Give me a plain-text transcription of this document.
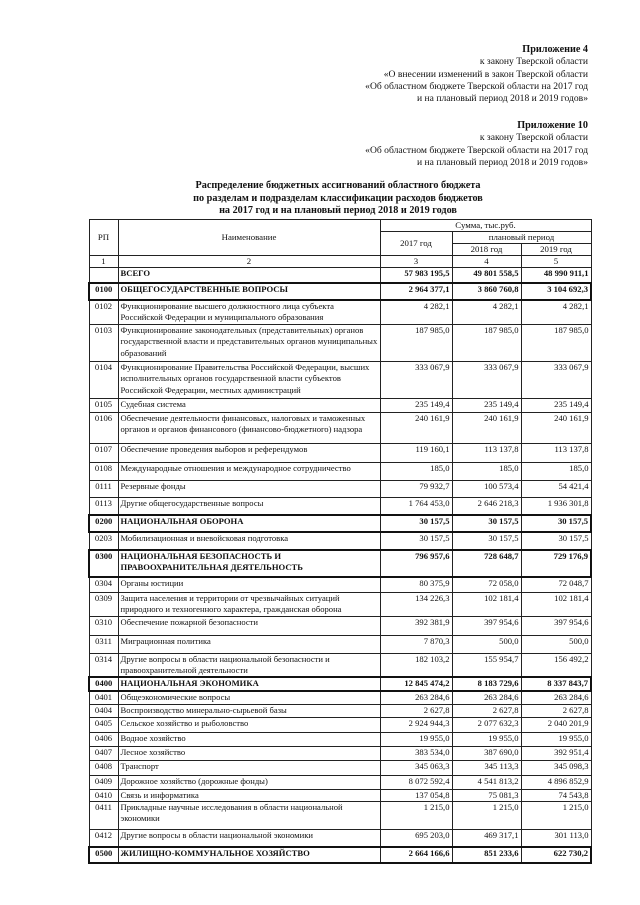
Приложение 4
к закону Тверской области
«О внесении изменений в закон Тверской области
«Об областном бюджете Тверской области на 2017 год
и на плановый период 2018 и 2019 годов»
Приложение 10
к закону Тверской области
«Об областном бюджете Тверской области на 2017 год
и на плановый период 2018 и 2019 годов»
Распределение бюджетных ассигнований областного бюджета
по разделам и подразделам классификации расходов бюджетов
на 2017 год и на плановый период 2018 и 2019 годов
РП	Наименование	Сумма, тыс.руб.		
		2017 год	плановый период	
			2018 год	2019 год
1	2	3	4	5
	ВСЕГО	57 983 195,5	49 801 558,5	48 990 911,1
0100	ОБЩЕГОСУДАРСТВЕННЫЕ ВОПРОСЫ	2 964 377,1	3 860 760,8	3 104 692,3
0102	Функционирование высшего должностного лица субъекта Российской Федерации и муниципального образования	4 282,1	4 282,1	4 282,1
0103	Функционирование законодательных (представительных) органов государственной власти и представительных органов муниципальных образований	187 985,0	187 985,0	187 985,0
0104	Функционирование Правительства Российской Федерации, высших исполнительных органов государственной власти субъектов Российской Федерации, местных администраций	333 067,9	333 067,9	333 067,9
0105	Судебная система	235 149,4	235 149,4	235 149,4
0106	Обеспечение деятельности финансовых, налоговых и таможенных органов и органов финансового (финансово-бюджетного) надзора	240 161,9	240 161,9	240 161,9
0107	Обеспечение проведения выборов и референдумов	119 160,1	113 137,8	113 137,8
0108	Международные отношения и международное сотрудничество	185,0	185,0	185,0
0111	Резервные фонды	79 932,7	100 573,4	54 421,4
0113	Другие общегосударственные вопросы	1 764 453,0	2 646 218,3	1 936 301,8
0200	НАЦИОНАЛЬНАЯ ОБОРОНА	30 157,5	30 157,5	30 157,5
0203	Мобилизационная и вневойсковая подготовка	30 157,5	30 157,5	30 157,5
0300	НАЦИОНАЛЬНАЯ БЕЗОПАСНОСТЬ И ПРАВООХРАНИТЕЛЬНАЯ ДЕЯТЕЛЬНОСТЬ	796 957,6	728 648,7	729 176,9
0304	Органы юстиции	80 375,9	72 058,0	72 048,7
0309	Защита населения и территории от чрезвычайных ситуаций природного и техногенного характера, гражданская оборона	134 226,3	102 181,4	102 181,4
0310	Обеспечение пожарной безопасности	392 381,9	397 954,6	397 954,6
0311	Миграционная политика	7 870,3	500,0	500,0
0314	Другие вопросы в области национальной безопасности и правоохранительной деятельности	182 103,2	155 954,7	156 492,2
0400	НАЦИОНАЛЬНАЯ ЭКОНОМИКА	12 845 474,2	8 183 729,6	8 337 843,7
0401	Общеэкономические вопросы	263 284,6	263 284,6	263 284,6
0404	Воспроизводство минерально-сырьевой базы	2 627,8	2 627,8	2 627,8
0405	Сельское хозяйство и рыболовство	2 924 944,3	2 077 632,3	2 040 201,9
0406	Водное хозяйство	19 955,0	19 955,0	19 955,0
0407	Лесное хозяйство	383 534,0	387 690,0	392 951,4
0408	Транспорт	345 063,3	345 113,3	345 098,3
0409	Дорожное хозяйство (дорожные фонды)	8 072 592,4	4 541 813,2	4 896 852,9
0410	Связь и информатика	137 054,8	75 081,3	74 543,8
0411	Прикладные научные исследования в области национальной экономики	1 215,0	1 215,0	1 215,0
0412	Другие вопросы в области национальной экономики	695 203,0	469 317,1	301 113,0
0500	ЖИЛИЩНО-КОММУНАЛЬНОЕ ХОЗЯЙСТВО	2 664 166,6	851 233,6	622 730,2
